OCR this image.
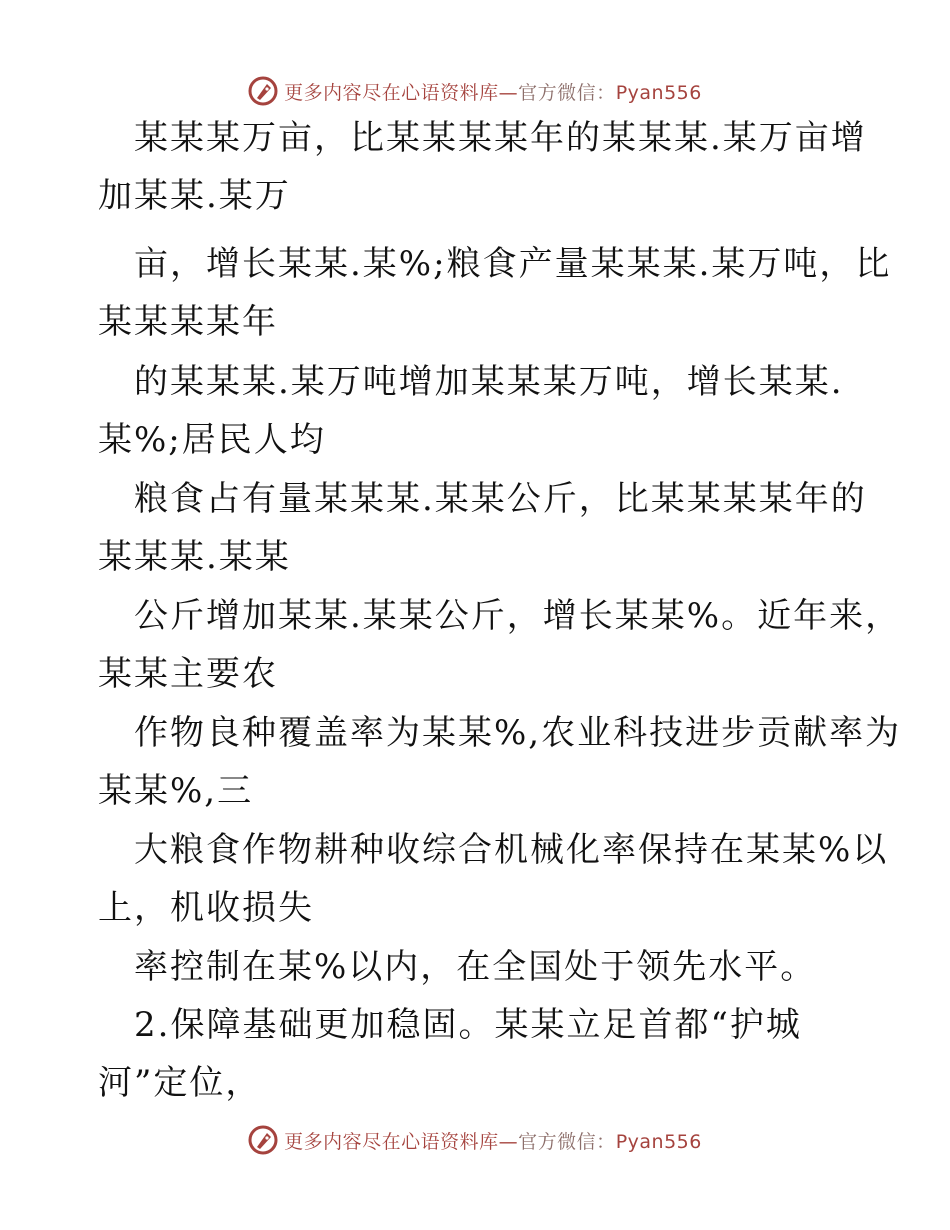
更多内容尽在心语资料库—官方微信：Pyan556
　某某某万亩，比某某某某年的某某某.某万亩增
加某某.某万
　亩，增长某某.某%;粮食产量某某某.某万吨，比
某某某某年
　的某某某.某万吨增加某某某万吨，增长某某.
某%;居民人均
　粮食占有量某某某.某某公斤，比某某某某年的
某某某.某某
　公斤增加某某.某某公斤，增长某某%。近年来，
某某主要农
　作物良种覆盖率为某某%,农业科技进步贡献率为
某某%,三
　大粮食作物耕种收综合机械化率保持在某某%以
上，机收损失
　率控制在某%以内，在全国处于领先水平。
　2.保障基础更加稳固。某某立足首都“护城
河”定位，
更多内容尽在心语资料库—官方微信：Pyan556
